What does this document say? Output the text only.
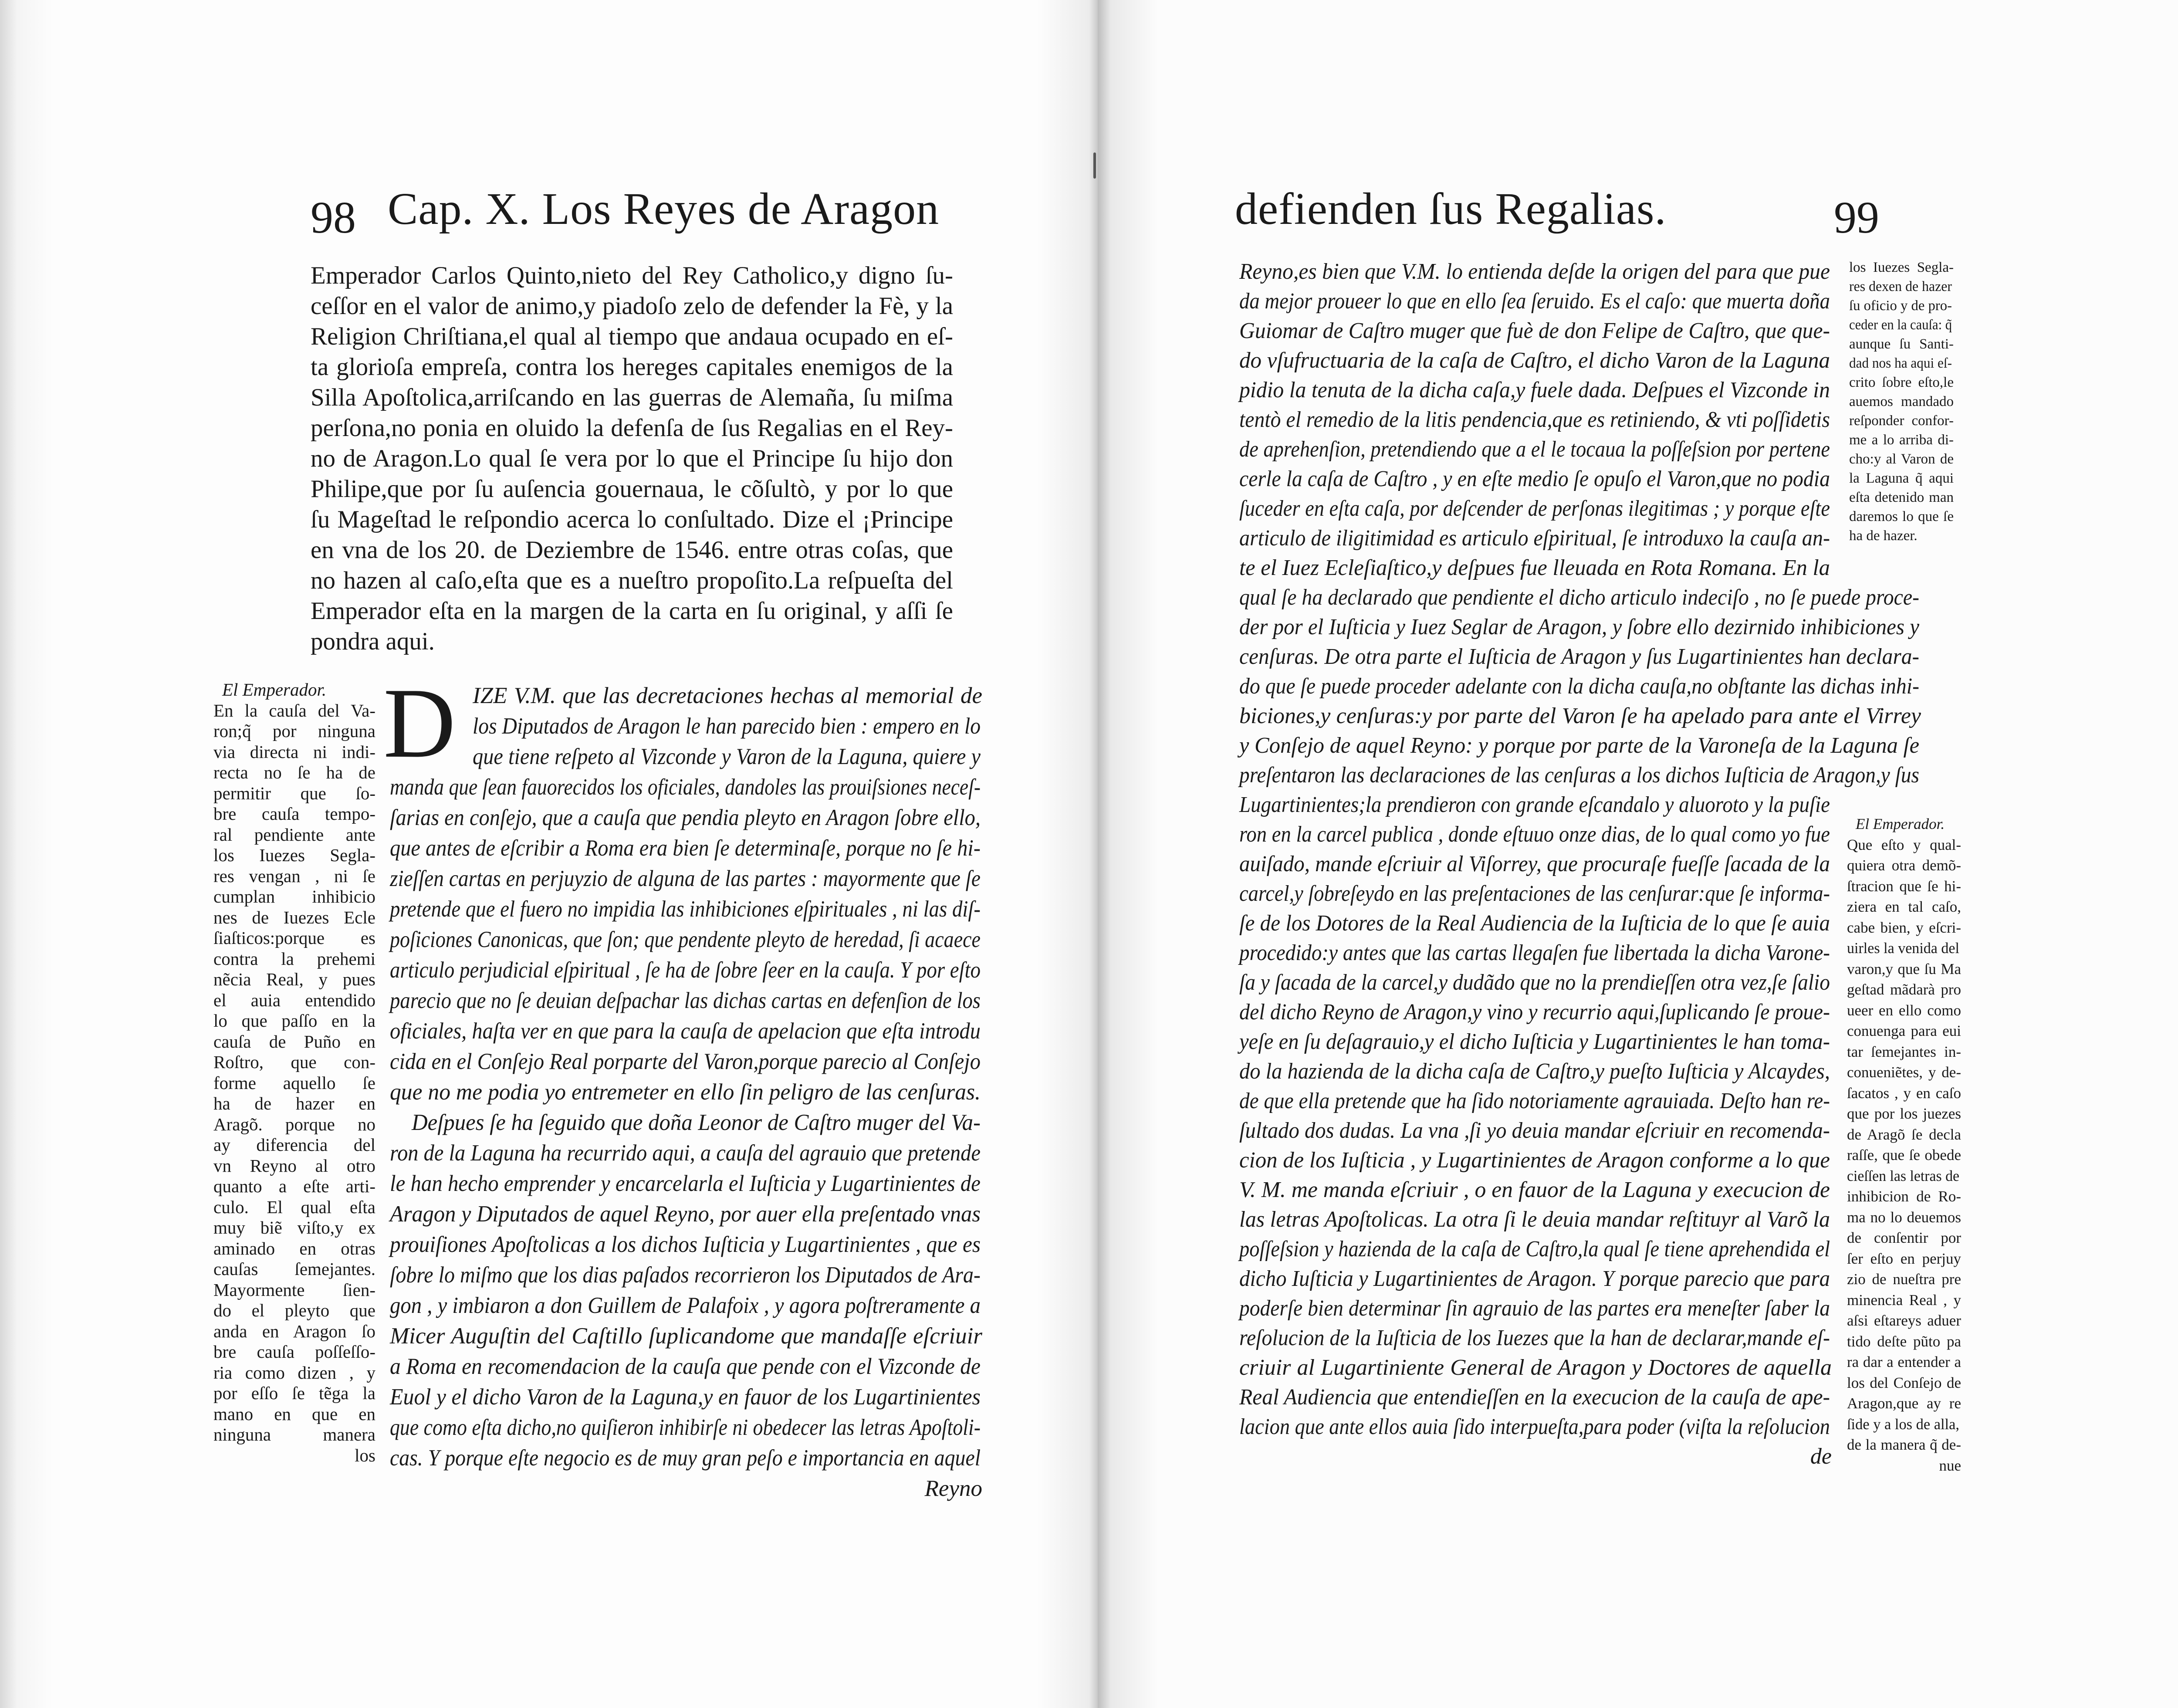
98 Cap. X. Los Reyes de Aragon	defienden ſus Regalias.	99
Emperador Carlos Quinto,nieto del Rey Catholico,y digno ſu-
ceſſor en el valor de animo,y piadoſo zelo de defender la Fè, y la
Religion Chriſtiana,el qual al tiempo que andaua ocupado en eſ-
ta glorioſa empreſa, contra los hereges capitales enemigos de la
Silla Apoſtolica,arriſcando en las guerras de Alemaña, ſu miſma
perſona,no ponia en oluido la defenſa de ſus Regalias en el Rey-
no de Aragon.Lo qual ſe vera por lo que el Principe ſu hijo don
Philipe,que por ſu auſencia gouernaua, le cõſultò, y por lo que
ſu Mageſtad le reſpondio acerca lo conſultado. Dize el ¡Principe
en vna de los 20. de Deziembre de 1546. entre otras coſas, que
no hazen al caſo,eſta que es a nueſtro propoſito.La reſpueſta del
Emperador eſta en la margen de la carta en ſu original, y aſſi ſe
pondra aqui.
El Emperador.
En la cauſa del Va-
ron;q̃ por ninguna
via directa ni indi-
recta no ſe ha de
permitir que ſo-
bre cauſa tempo-
ral pendiente ante
los Iuezes Segla-
res vengan , ni ſe
cumplan inhibicio
nes de Iuezes Ecle
ſiaſticos:porque es
contra la prehemi
nẽcia Real, y pues
el auia entendido
lo que paſſo en la
cauſa de Puño en
Roſtro, que con-
forme aquello ſe
ha de hazer en
Aragõ. porque no
ay diferencia del
vn Reyno al otro
quanto a eſte arti-
culo. El qual eſta
muy biẽ viſto,y ex
aminado en otras
cauſas ſemejantes.
Mayormente ſien-
do el pleyto que
anda en Aragon ſo
bre cauſa poſſeſſo-
ria como dizen , y
por eſſo ſe tẽga la
mano en que en
ninguna manera
los
D IZE V.M. que las decretaciones hechas al memorial de
los Diputados de Aragon le han parecido bien : empero en lo
que tiene reſpeto al Vizconde y Varon de la Laguna, quiere y
manda que ſean fauorecidos los oficiales, dandoles las prouiſsiones neceſ-
ſarias en conſejo, que a cauſa que pendia pleyto en Aragon ſobre ello,
que antes de eſcribir a Roma era bien ſe determinaſe, porque no ſe hi-
zieſſen cartas en perjuyzio de alguna de las partes : mayormente que ſe
pretende que el fuero no impidia las inhibiciones eſpirituales , ni las diſ-
poſiciones Canonicas, que ſon; que pendente pleyto de heredad, ſi acaece
articulo perjudicial eſpiritual , ſe ha de ſobre ſeer en la cauſa. Y por eſto
parecio que no ſe deuian deſpachar las dichas cartas en defenſion de los
oficiales, haſta ver en que para la cauſa de apelacion que eſta introdu
cida en el Conſejo Real porparte del Varon,porque parecio al Conſejo
que no me podia yo entremeter en ello ſin peligro de las cenſuras.
Deſpues ſe ha ſeguido que doña Leonor de Caſtro muger del Va-
ron de la Laguna ha recurrido aqui, a cauſa del agrauio que pretende
le han hecho emprender y encarcelarla el Iuſticia y Lugartinientes de
Aragon y Diputados de aquel Reyno, por auer ella preſentado vnas
prouiſiones Apoſtolicas a los dichos Iuſticia y Lugartinientes , que es
ſobre lo miſmo que los dias paſados recorrieron los Diputados de Ara-
gon , y imbiaron a don Guillem de Palafoix , y agora poſtreramente a
Micer Auguſtin del Caſtillo ſuplicandome que mandaſſe eſcriuir
a Roma en recomendacion de la cauſa que pende con el Vizconde de
Euol y el dicho Varon de la Laguna,y en fauor de los Lugartinientes
que como eſta dicho,no quiſieron inhibirſe ni obedecer las letras Apoſtoli-
cas. Y porque eſte negocio es de muy gran peſo e importancia en aquel
Reyno
Reyno,es bien que V.M. lo entienda deſde la origen del para que pue
da mejor proueer lo que en ello ſea ſeruido. Es el caſo: que muerta doña
Guiomar de Caſtro muger que fuè de don Felipe de Caſtro, que que-
do vſufructuaria de la caſa de Caſtro, el dicho Varon de la Laguna
pidio la tenuta de la dicha caſa,y fuele dada. Deſpues el Vizconde in
tentò el remedio de la litis pendencia,que es retiniendo, & vti poſſidetis
de aprehenſion, pretendiendo que a el le tocaua la poſſeſsion por pertene
cerle la caſa de Caſtro , y en eſte medio ſe opuſo el Varon,que no podia
ſuceder en eſta caſa, por deſcender de perſonas ilegitimas ; y porque eſte
articulo de iligitimidad es articulo eſpiritual, ſe introduxo la cauſa an-
te el Iuez Ecleſiaſtico,y deſpues fue lleuada en Rota Romana. En la
qual ſe ha declarado que pendiente el dicho articulo indeciſo , no ſe puede proce-
der por el Iuſticia y Iuez Seglar de Aragon, y ſobre ello dezirnido inhibiciones y
cenſuras. De otra parte el Iuſticia de Aragon y ſus Lugartinientes han declara-
do que ſe puede proceder adelante con la dicha cauſa,no obſtante las dichas inhi-
biciones,y cenſuras:y por parte del Varon ſe ha apelado para ante el Virrey
y Conſejo de aquel Reyno: y porque por parte de la Varoneſa de la Laguna ſe
preſentaron las declaraciones de las cenſuras a los dichos Iuſticia de Aragon,y ſus
Lugartinientes;la prendieron con grande eſcandalo y aluoroto y la puſie
ron en la carcel publica , donde eſtuuo onze dias, de lo qual como yo fue
auiſado, mande eſcriuir al Viſorrey, que procuraſe fueſſe ſacada de la
carcel,y ſobreſeydo en las preſentaciones de las cenſurar:que ſe informa-
ſe de los Dotores de la Real Audiencia de la Iuſticia de lo que ſe auia
procedido:y antes que las cartas llegaſen fue libertada la dicha Varone-
ſa y ſacada de la carcel,y dudãdo que no la prendieſſen otra vez,ſe ſalio
del dicho Reyno de Aragon,y vino y recurrio aqui,ſuplicando ſe proue-
yeſe en ſu deſagrauio,y el dicho Iuſticia y Lugartinientes le han toma-
do la hazienda de la dicha caſa de Caſtro,y pueſto Iuſticia y Alcaydes,
de que ella pretende que ha ſido notoriamente agrauiada. Deſto han re-
ſultado dos dudas. La vna ,ſi yo deuia mandar eſcriuir en recomenda-
cion de los Iuſticia , y Lugartinientes de Aragon conforme a lo que
V. M. me manda eſcriuir , o en fauor de la Laguna y execucion de
las letras Apoſtolicas. La otra ſi le deuia mandar reſtituyr al Varõ la
poſſeſsion y hazienda de la caſa de Caſtro,la qual ſe tiene aprehendida el
dicho Iuſticia y Lugartinientes de Aragon. Y porque parecio que para
poderſe bien determinar ſin agrauio de las partes era meneſter ſaber la
reſolucion de la Iuſticia de los Iuezes que la han de declarar,mande eſ-
criuir al Lugartiniente General de Aragon y Doctores de aquella
Real Audiencia que entendieſſen en la execucion de la cauſa de ape-
lacion que ante ellos auia ſido interpueſta,para poder (viſta la reſolucion
de
los Iuezes Segla-
res dexen de hazer
ſu oficio y de pro-
ceder en la cauſa: q̃
aunque ſu Santi-
dad nos ha aqui eſ-
crito ſobre eſto,le
auemos mandado
reſponder confor-
me a lo arriba di-
cho:y al Varon de
la Laguna q̃ aqui
eſta detenido man
daremos lo que ſe
ha de hazer.
El Emperador.
Que eſto y qual-
quiera otra demõ-
ſtracion que ſe hi-
ziera en tal caſo,
cabe bien, y eſcri-
uirles la venida del
varon,y que ſu Ma
geſtad mãdarà pro
ueer en ello como
conuenga para eui
tar ſemejantes in-
conueniẽtes, y de-
ſacatos , y en caſo
que por los juezes
de Aragõ ſe decla
raſſe, que ſe obede
cieſſen las letras de
inhibicion de Ro-
ma no lo deuemos
de conſentir por
ſer eſto en perjuy
zio de nueſtra pre
minencia Real , y
aſsi eſtareys aduer
tido deſte pũto pa
ra dar a entender a
los del Conſejo de
Aragon,que ay re
ſide y a los de alla,
de la manera q̃ de-
nue
